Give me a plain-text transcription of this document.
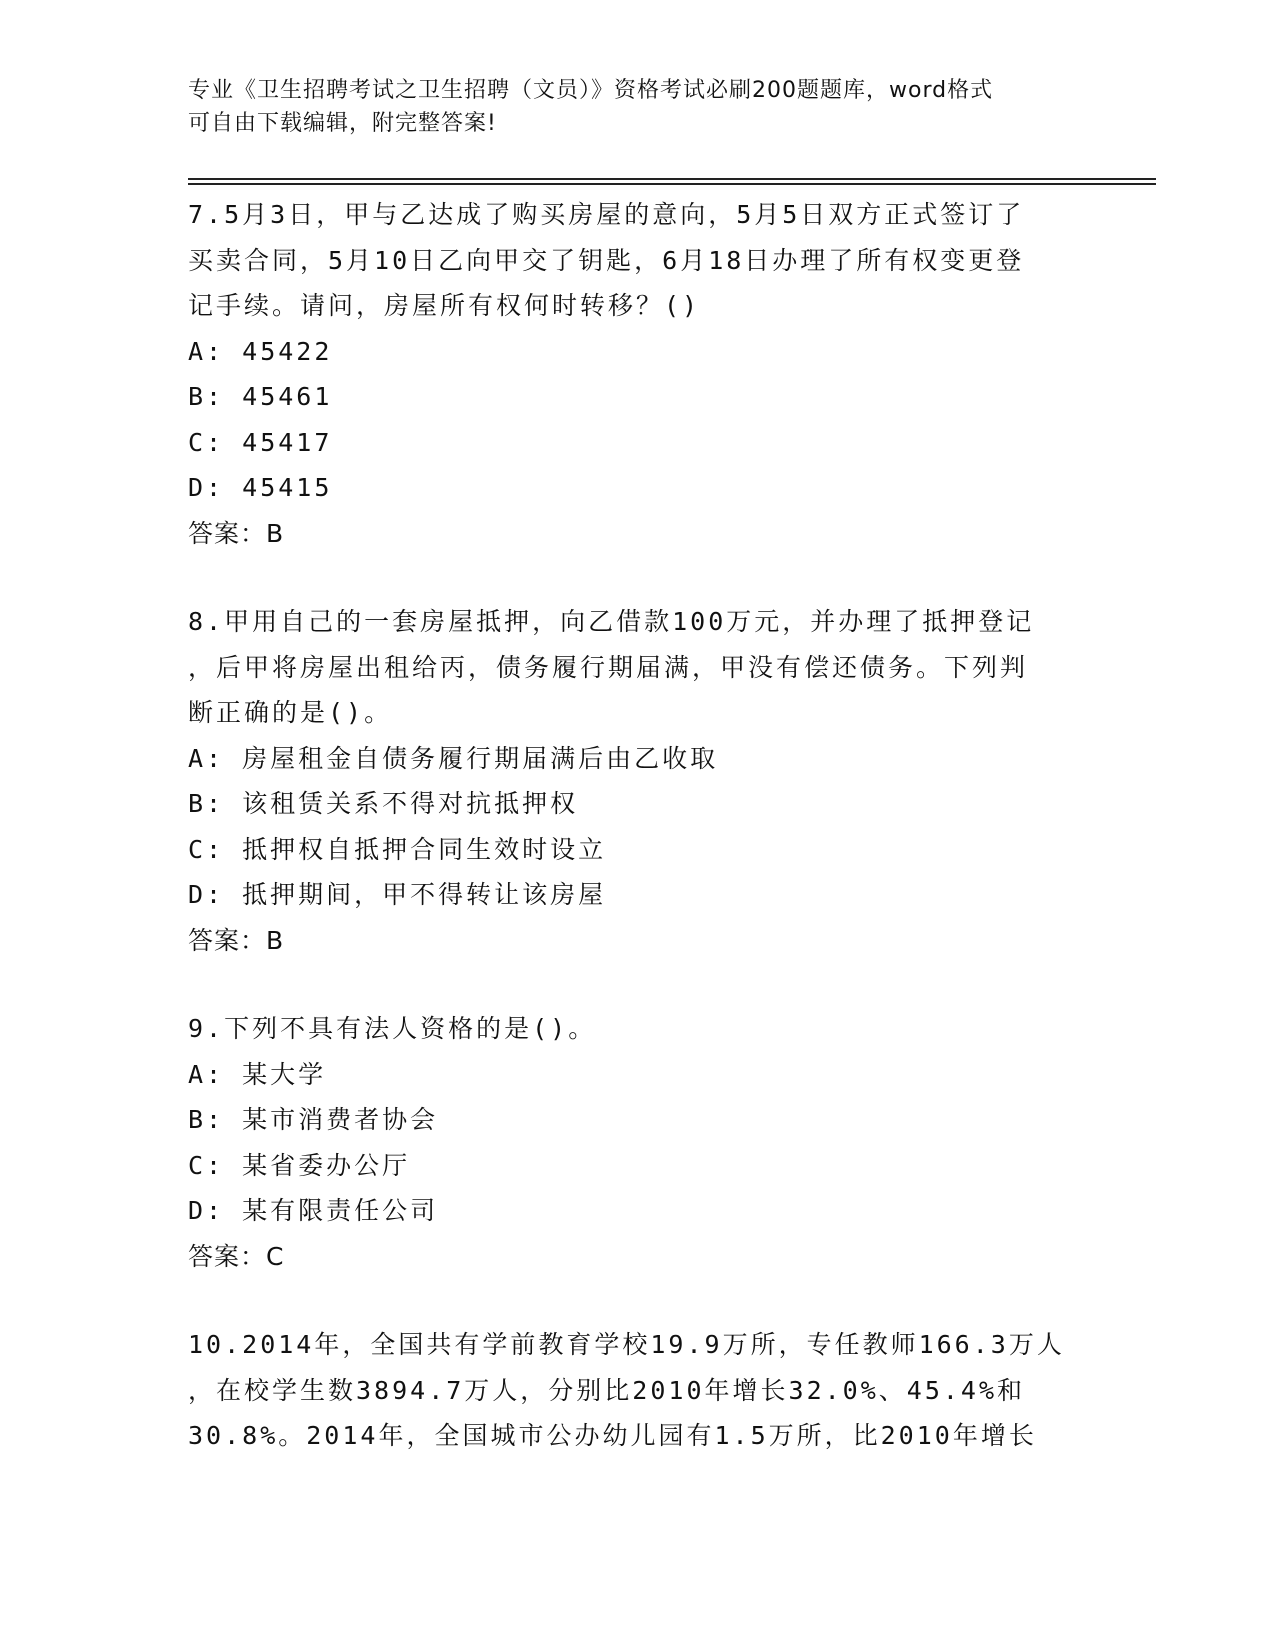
专业《卫生招聘考试之卫生招聘（文员）》资格考试必刷200题题库，word格式
可自由下载编辑，附完整答案!
7.5月3日，甲与乙达成了购买房屋的意向，5月5日双方正式签订了
买卖合同，5月10日乙向甲交了钥匙，6月18日办理了所有权变更登
记手续。请问，房屋所有权何时转移？()
A: 45422
B: 45461
C: 45417
D: 45415
答案：B
8.甲用自己的一套房屋抵押，向乙借款100万元，并办理了抵押登记
，后甲将房屋出租给丙，债务履行期届满，甲没有偿还债务。下列判
断正确的是()。
A: 房屋租金自债务履行期届满后由乙收取
B: 该租赁关系不得对抗抵押权
C: 抵押权自抵押合同生效时设立
D: 抵押期间，甲不得转让该房屋
答案：B
9.下列不具有法人资格的是()。
A: 某大学
B: 某市消费者协会
C: 某省委办公厅
D: 某有限责任公司
答案：C
10.2014年，全国共有学前教育学校19.9万所，专任教师166.3万人
，在校学生数3894.7万人，分别比2010年增长32.0%、45.4%和
30.8%。2014年，全国城市公办幼儿园有1.5万所，比2010年增长
